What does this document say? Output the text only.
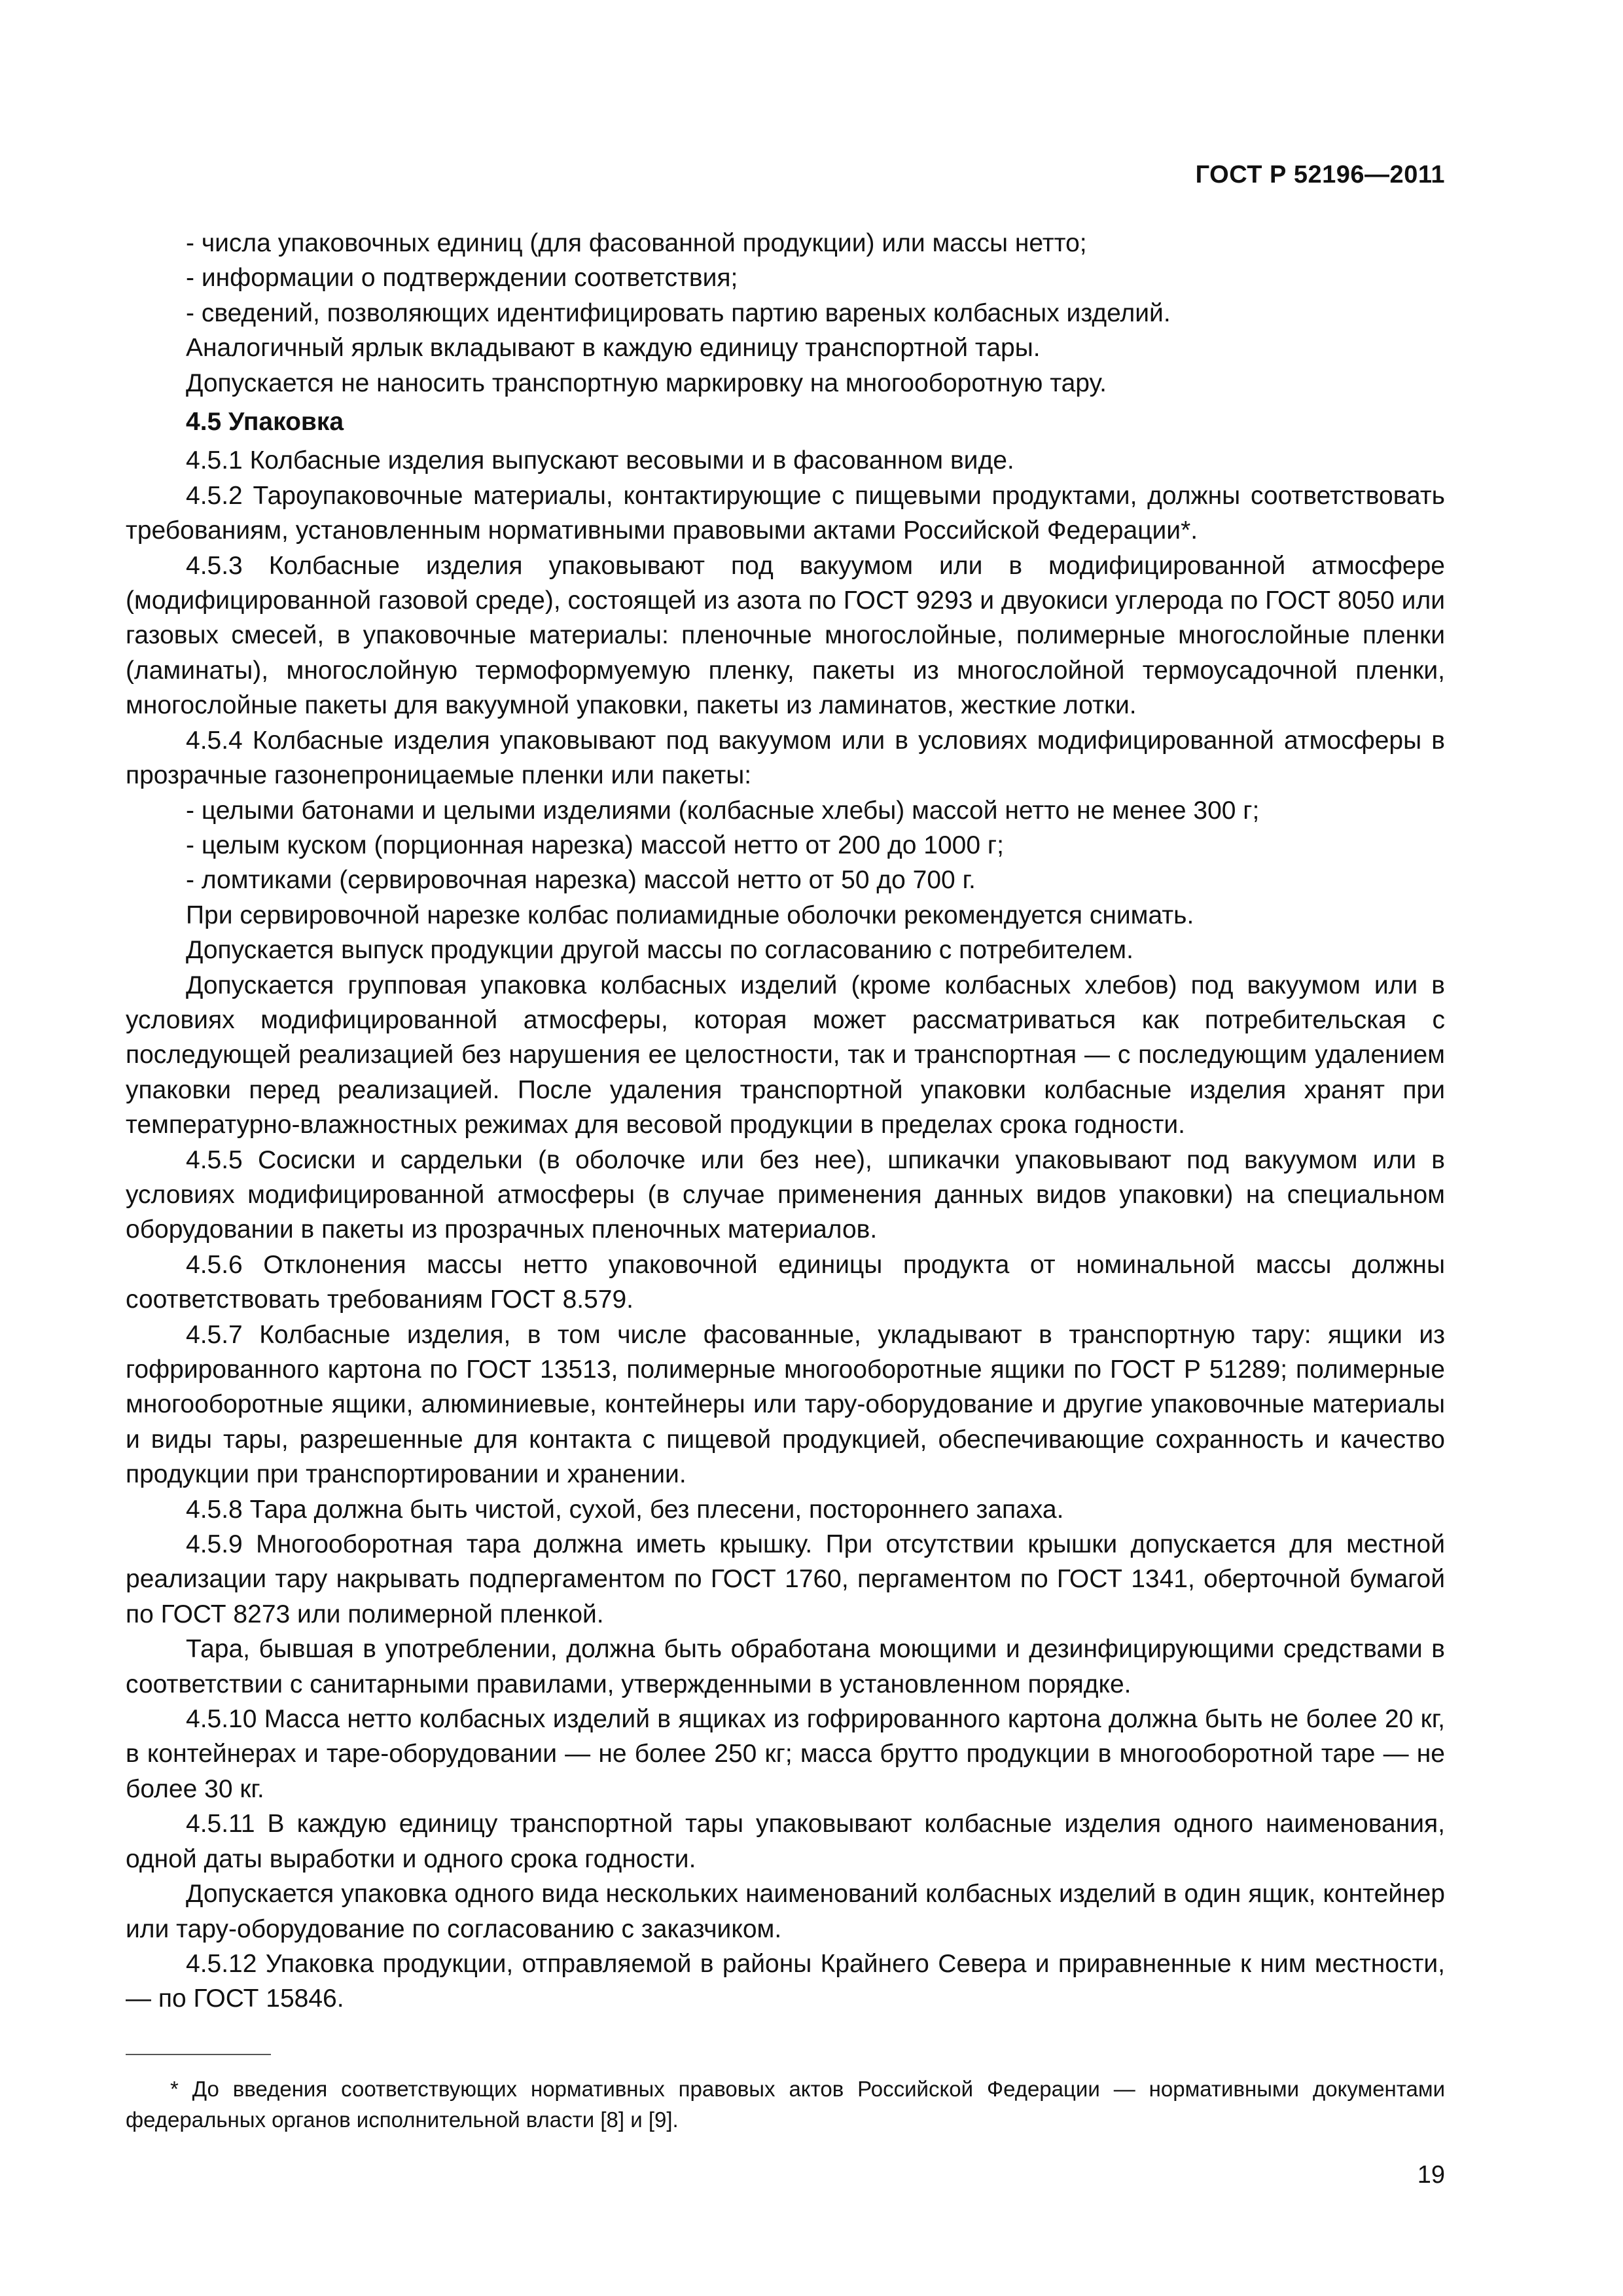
ГОСТ Р 52196—2011

- числа упаковочных единиц (для фасованной продукции) или массы нетто;

- информации о подтверждении соответствия;

- сведений, позволяющих идентифицировать партию вареных колбасных изделий.

Аналогичный ярлык вкладывают в каждую единицу транспортной тары.

Допускается не наносить транспортную маркировку на многооборотную тару.

4.5 Упаковка

4.5.1 Колбасные изделия выпускают весовыми и в фасованном виде.

4.5.2 Тароупаковочные материалы, контактирующие с пищевыми продуктами, должны соответствовать требованиям, установленным нормативными правовыми актами Российской Федерации*.

4.5.3 Колбасные изделия упаковывают под вакуумом или в модифицированной атмосфере (модифицированной газовой среде), состоящей из азота по ГОСТ 9293 и двуокиси углерода по ГОСТ 8050 или газовых смесей, в упаковочные материалы: пленочные многослойные, полимерные многослойные пленки (ламинаты), многослойную термоформуемую пленку, пакеты из многослойной термоусадочной пленки, многослойные пакеты для вакуумной упаковки, пакеты из ламинатов, жесткие лотки.

4.5.4 Колбасные изделия упаковывают под вакуумом или в условиях модифицированной атмосферы в прозрачные газонепроницаемые пленки или пакеты:

- целыми батонами и целыми изделиями (колбасные хлебы) массой нетто не менее 300 г;

- целым куском (порционная нарезка) массой нетто от 200 до 1000 г;

- ломтиками (сервировочная нарезка) массой нетто от 50 до 700 г.

При сервировочной нарезке колбас полиамидные оболочки рекомендуется снимать.

Допускается выпуск продукции другой массы по согласованию с потребителем.

Допускается групповая упаковка колбасных изделий (кроме колбасных хлебов) под вакуумом или в условиях модифицированной атмосферы, которая может рассматриваться как потребительская с последующей реализацией без нарушения ее целостности, так и транспортная — с последующим удалением упаковки перед реализацией. После удаления транспортной упаковки колбасные изделия хранят при температурно-влажностных режимах для весовой продукции в пределах срока годности.

4.5.5 Сосиски и сардельки (в оболочке или без нее), шпикачки упаковывают под вакуумом или в условиях модифицированной атмосферы (в случае применения данных видов упаковки) на специальном оборудовании в пакеты из прозрачных пленочных материалов.

4.5.6 Отклонения массы нетто упаковочной единицы продукта от номинальной массы должны соответствовать требованиям ГОСТ 8.579.

4.5.7 Колбасные изделия, в том числе фасованные, укладывают в транспортную тару: ящики из гофрированного картона по ГОСТ 13513, полимерные многооборотные ящики по ГОСТ Р 51289; полимерные многооборотные ящики, алюминиевые, контейнеры или тару-оборудование и другие упаковочные материалы и виды тары, разрешенные для контакта с пищевой продукцией, обеспечивающие сохранность и качество продукции при транспортировании и хранении.

4.5.8 Тара должна быть чистой, сухой, без плесени, постороннего запаха.

4.5.9 Многооборотная тара должна иметь крышку. При отсутствии крышки допускается для местной реализации тару накрывать подпергаментом по ГОСТ 1760, пергаментом по ГОСТ 1341, оберточной бумагой по ГОСТ 8273 или полимерной пленкой.

Тара, бывшая в употреблении, должна быть обработана моющими и дезинфицирующими средствами в соответствии с санитарными правилами, утвержденными в установленном порядке.

4.5.10 Масса нетто колбасных изделий в ящиках из гофрированного картона должна быть не более 20 кг, в контейнерах и таре-оборудовании — не более 250 кг; масса брутто продукции в многооборотной таре — не более 30 кг.

4.5.11 В каждую единицу транспортной тары упаковывают колбасные изделия одного наименования, одной даты выработки и одного срока годности.

Допускается упаковка одного вида нескольких наименований колбасных изделий в один ящик, контейнер или тару-оборудование по согласованию с заказчиком.

4.5.12 Упаковка продукции, отправляемой в районы Крайнего Севера и приравненные к ним местности, — по ГОСТ 15846.

* До введения соответствующих нормативных правовых актов Российской Федерации — нормативными документами федеральных органов исполнительной власти [8] и [9].

19
